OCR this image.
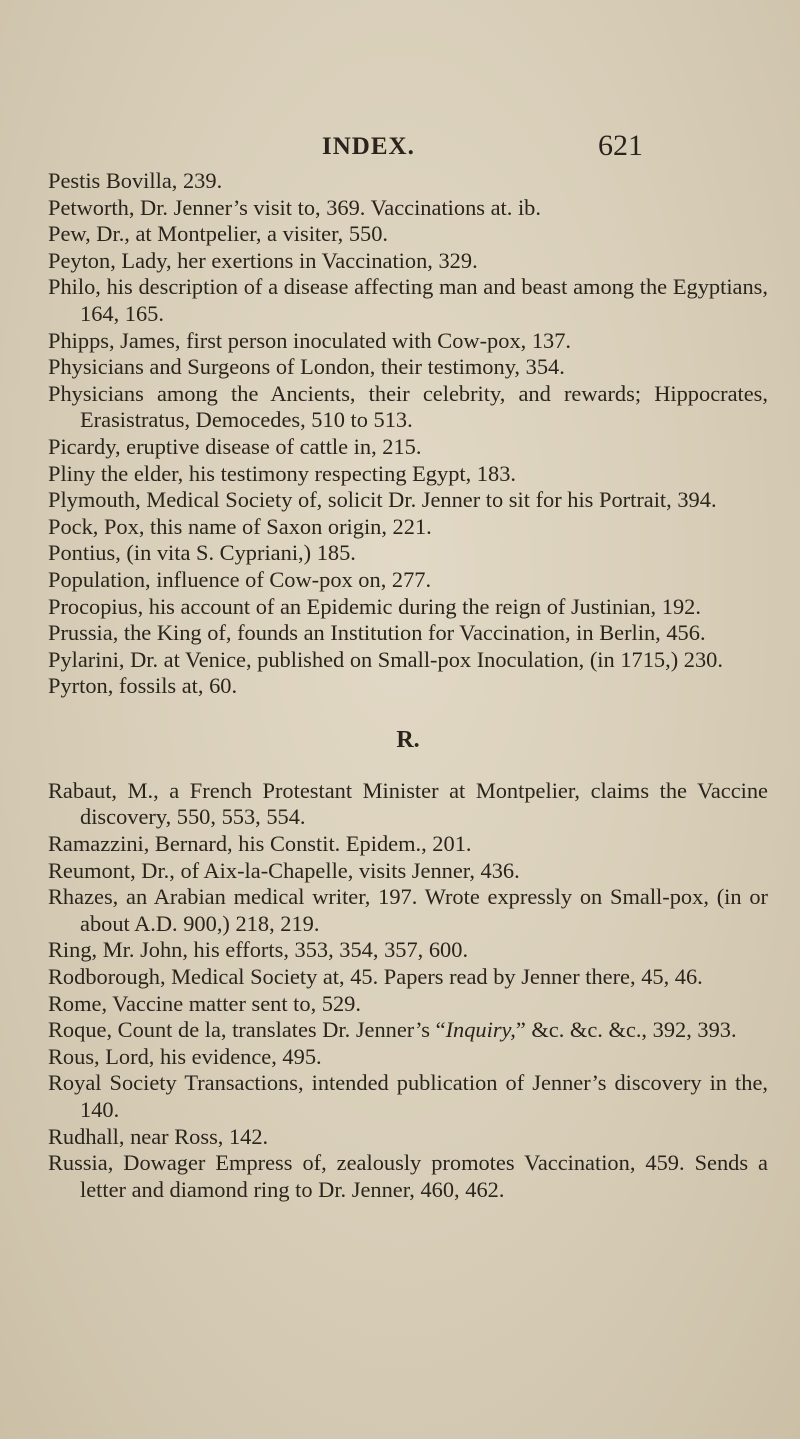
INDEX.	621

Pestis Bovilla, 239.

Petworth, Dr. Jenner’s visit to, 369. Vaccinations at. ib.

Pew, Dr., at Montpelier, a visiter, 550.

Peyton, Lady, her exertions in Vaccination, 329.

Philo, his description of a disease affecting man and beast among the Egyptians, 164, 165.

Phipps, James, first person inoculated with Cow-pox, 137.

Physicians and Surgeons of London, their testimony, 354.

Physicians among the Ancients, their celebrity, and rewards; Hippocrates, Erasistratus, Democedes, 510 to 513.

Picardy, eruptive disease of cattle in, 215.

Pliny the elder, his testimony respecting Egypt, 183.

Plymouth, Medical Society of, solicit Dr. Jenner to sit for his Portrait, 394.

Pock, Pox, this name of Saxon origin, 221.

Pontius, (in vita S. Cypriani,) 185.

Population, influence of Cow-pox on, 277.

Procopius, his account of an Epidemic during the reign of Justinian, 192.

Prussia, the King of, founds an Institution for Vaccination, in Berlin, 456.

Pylarini, Dr. at Venice, published on Small-pox Inoculation, (in 1715,) 230.

Pyrton, fossils at, 60.

R.

Rabaut, M., a French Protestant Minister at Montpelier, claims the Vaccine discovery, 550, 553, 554.

Ramazzini, Bernard, his Constit. Epidem., 201.

Reumont, Dr., of Aix-la-Chapelle, visits Jenner, 436.

Rhazes, an Arabian medical writer, 197. Wrote expressly on Small-pox, (in or about A.D. 900,) 218, 219.

Ring, Mr. John, his efforts, 353, 354, 357, 600.

Rodborough, Medical Society at, 45. Papers read by Jenner there, 45, 46.

Rome, Vaccine matter sent to, 529.

Roque, Count de la, translates Dr. Jenner’s “Inquiry,” &c. &c. &c., 392, 393.

Rous, Lord, his evidence, 495.

Royal Society Transactions, intended publication of Jenner’s discovery in the, 140.

Rudhall, near Ross, 142.

Russia, Dowager Empress of, zealously promotes Vaccination, 459. Sends a letter and diamond ring to Dr. Jenner, 460, 462.
